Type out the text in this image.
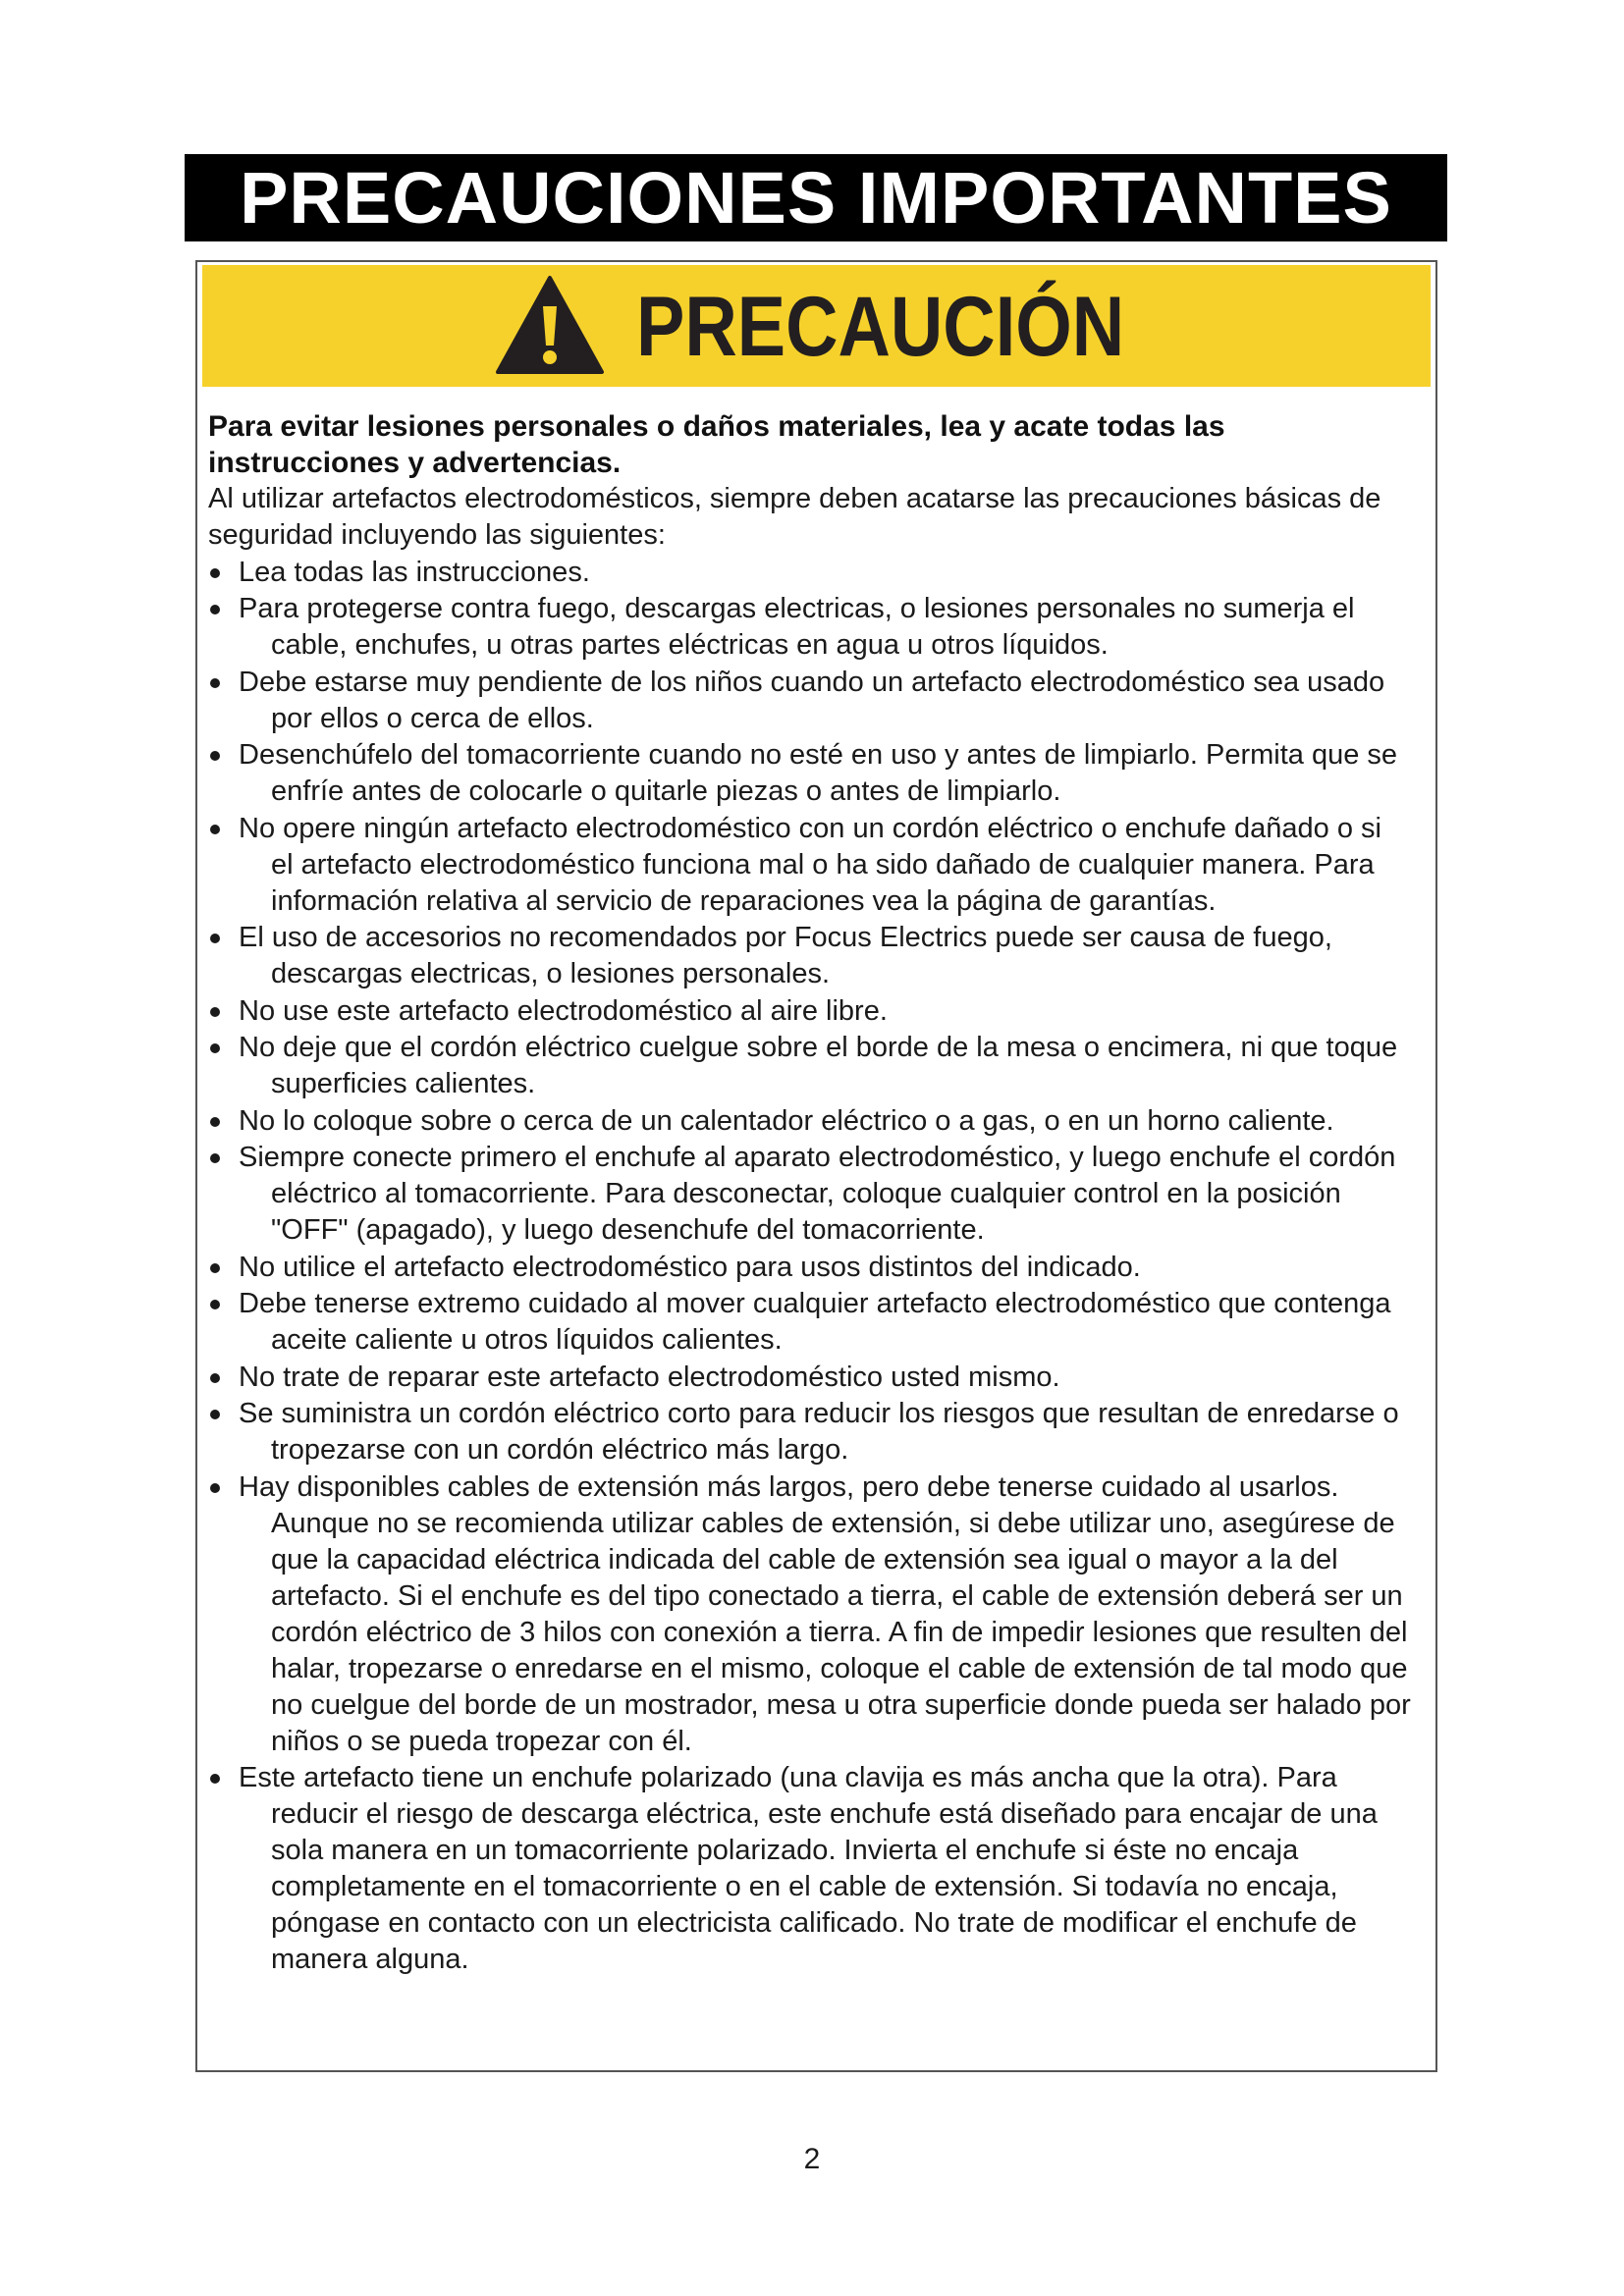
PRECAUCIONES IMPORTANTES
PRECAUCIÓN
Para evitar lesiones personales o daños materiales, lea y acate todas las instrucciones y advertencias.

Al utilizar artefactos electrodomésticos, siempre deben acatarse las precauciones básicas de seguridad incluyendo las siguientes:

Lea todas las instrucciones.
Para protegerse contra fuego, descargas electricas, o lesiones personales no sumerja el cable, enchufes, u otras partes eléctricas en agua u otros líquidos.
Debe estarse muy pendiente de los niños cuando un artefacto electrodoméstico sea usado por ellos o cerca de ellos.
Desenchúfelo del tomacorriente cuando no esté en uso y antes de limpiarlo. Permita que se enfríe antes de colocarle o quitarle piezas o antes de limpiarlo.
No opere ningún artefacto electrodoméstico con un cordón eléctrico o enchufe dañado o si el artefacto electrodoméstico funciona mal o ha sido dañado de cualquier manera. Para información relativa al servicio de reparaciones vea la página de garantías.
El uso de accesorios no recomendados por Focus Electrics puede ser causa de fuego, descargas electricas, o lesiones personales.
No use este artefacto electrodoméstico al aire libre.
No deje que el cordón eléctrico cuelgue sobre el borde de la mesa o encimera, ni que toque superficies calientes.
No lo coloque sobre o cerca de un calentador eléctrico o a gas, o en un horno caliente.
Siempre conecte primero el enchufe al aparato electrodoméstico, y luego enchufe el cordón eléctrico al tomacorriente. Para desconectar, coloque cualquier control en la posición "OFF" (apagado), y luego desenchufe del tomacorriente.
No utilice el artefacto electrodoméstico para usos distintos del indicado.
Debe tenerse extremo cuidado al mover cualquier artefacto electrodoméstico que contenga aceite caliente u otros líquidos calientes.
No trate de reparar este artefacto electrodoméstico usted mismo.
Se suministra un cordón eléctrico corto para reducir los riesgos que resultan de enredarse o tropezarse con un cordón eléctrico más largo.
Hay disponibles cables de extensión más largos, pero debe tenerse cuidado al usarlos. Aunque no se recomienda utilizar cables de extensión, si debe utilizar uno, asegúrese de que la capacidad eléctrica indicada del cable de extensión sea igual o mayor a la del artefacto. Si el enchufe es del tipo conectado a tierra, el cable de extensión deberá ser un cordón eléctrico de 3 hilos con conexión a tierra. A fin de impedir lesiones que resulten del halar, tropezarse o enredarse en el mismo, coloque el cable de extensión de tal modo que no cuelgue del borde de un mostrador, mesa u otra superficie donde pueda ser halado por niños o se pueda tropezar con él.
Este artefacto tiene un enchufe polarizado (una clavija es más ancha que la otra). Para reducir el riesgo de descarga eléctrica, este enchufe está diseñado para encajar de una sola manera en un tomacorriente polarizado. Invierta el enchufe si éste no encaja completamente en el tomacorriente o en el cable de extensión. Si todavía no encaja, póngase en contacto con un electricista calificado. No trate de modificar el enchufe de manera alguna.
2
